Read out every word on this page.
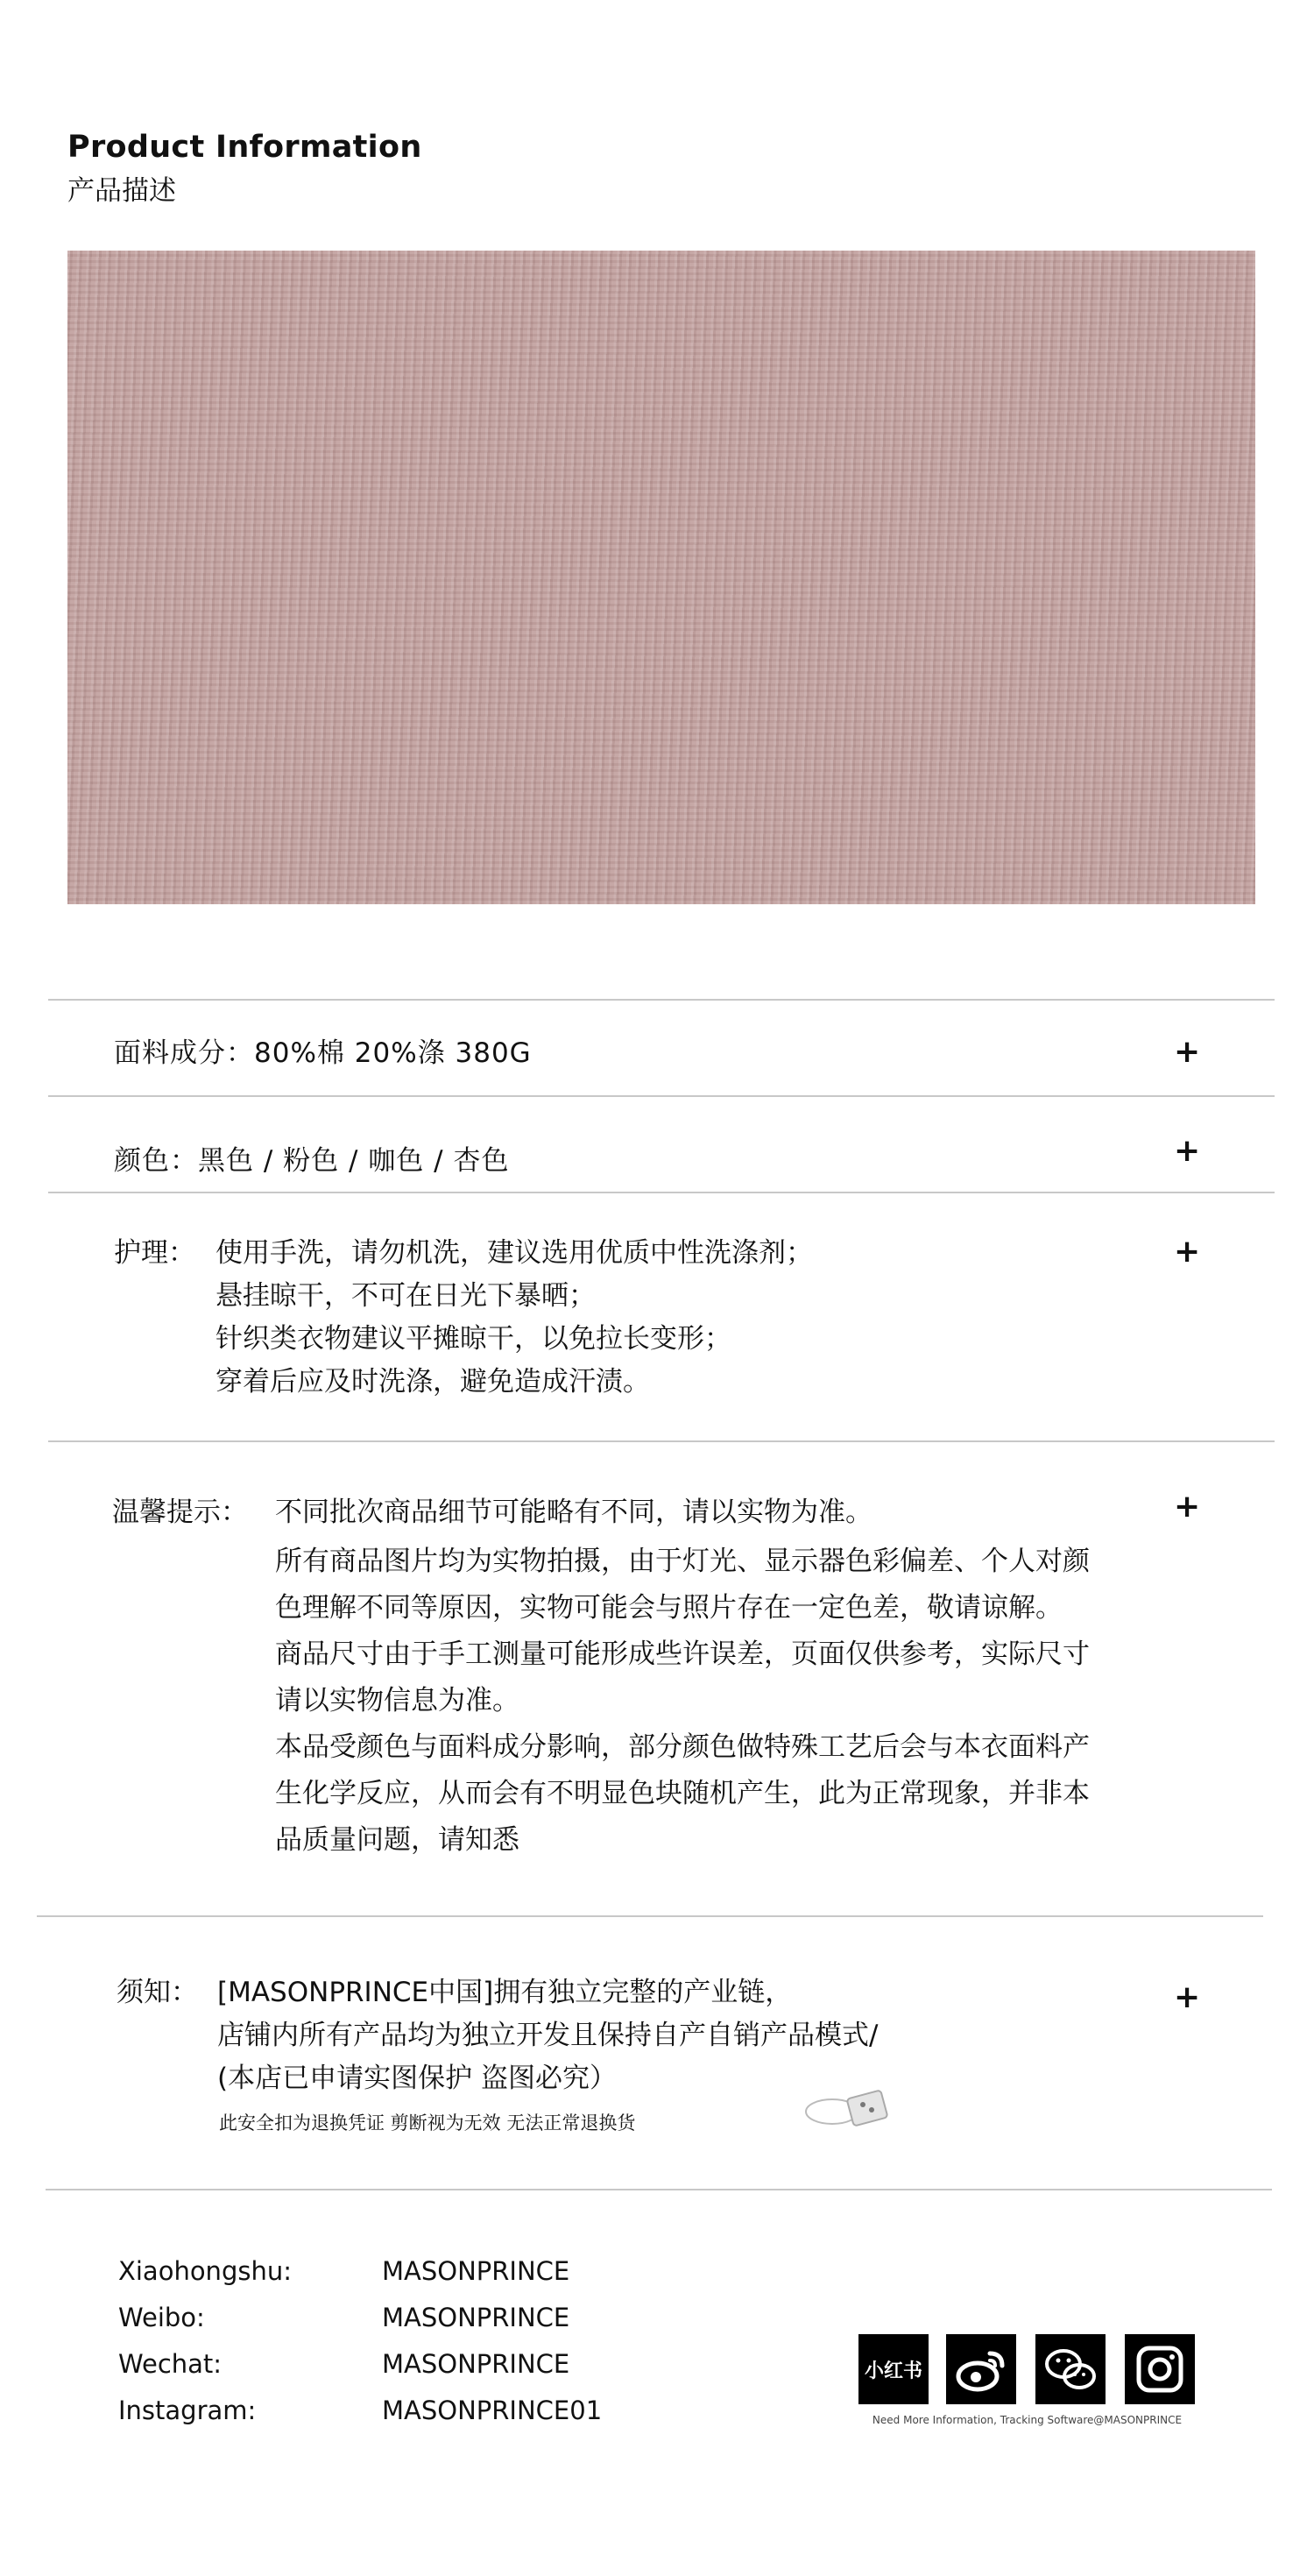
Product Information
产品描述
面料成分：80%棉 20%涤 380G	+
颜色：黑色 / 粉色 / 咖色 / 杏色	+
护理： 使用手洗，请勿机洗，建议选用优质中性洗涤剂；
悬挂晾干，不可在日光下暴晒；
针织类衣物建议平摊晾干，以免拉长变形；
穿着后应及时洗涤，避免造成汗渍。
+
温馨提示： 不同批次商品细节可能略有不同，请以实物为准。
所有商品图片均为实物拍摄，由于灯光、显示器色彩偏差、个人对颜
色理解不同等原因，实物可能会与照片存在一定色差，敬请谅解。
商品尺寸由于手工测量可能形成些许误差，页面仅供参考，实际尺寸
请以实物信息为准。
本品受颜色与面料成分影响，部分颜色做特殊工艺后会与本衣面料产
生化学反应，从而会有不明显色块随机产生，此为正常现象，并非本
品质量问题，请知悉
+
须知： [MASONPRINCE中国]拥有独立完整的产业链，
店铺内所有产品均为独立开发且保持自产自销产品模式/
(本店已申请实图保护 盗图必究）
此安全扣为退换凭证 剪断视为无效 无法正常退换货
+
Xiaohongshu:	MASONPRINCE
Weibo:	MASONPRINCE
Wechat:	MASONPRINCE
Instagram:	MASONPRINCE01
小红书
Need More Information, Tracking Software@MASONPRINCE
